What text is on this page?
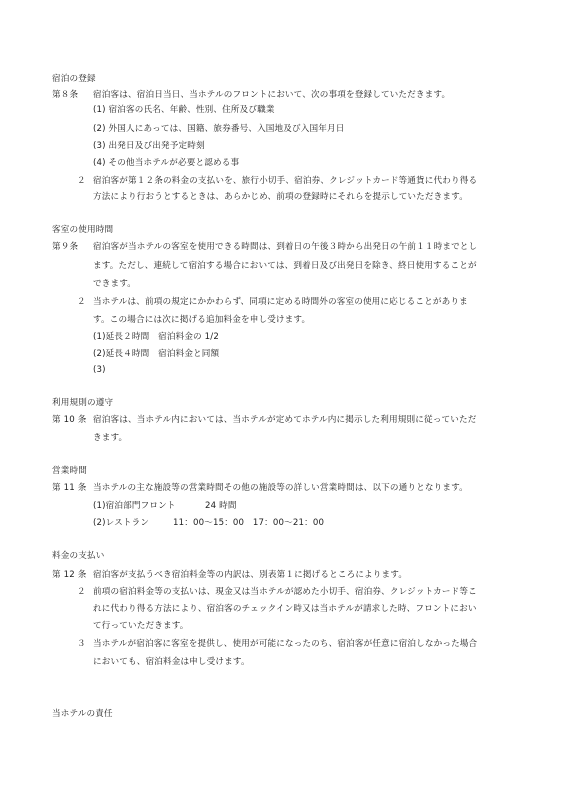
宿泊の登録
第８条 宿泊客は、宿泊日当日、当ホテルのフロントにおいて、次の事項を登録していただきます。
(1) 宿泊客の氏名、年齢、性別、住所及び職業
(2) 外国人にあっては、国籍、旅券番号、入国地及び入国年月日
(3) 出発日及び出発予定時刻
(4) その他当ホテルが必要と認める事
２ 宿泊客が第１２条の料金の支払いを、旅行小切手、宿泊券、クレジットカード等通貨に代わり得る
方法により行おうとするときは、あらかじめ、前項の登録時にそれらを提示していただきます。
客室の使用時間
第９条 宿泊客が当ホテルの客室を使用できる時間は、到着日の午後３時から出発日の午前１１時までとし
ます。ただし、連続して宿泊する場合においては、到着日及び出発日を除き、終日使用することが
できます。
２ 当ホテルは、前項の規定にかかわらず、同項に定める時間外の客室の使用に応じることがありま
す。この場合には次に掲げる追加料金を申し受けます。
(1)延長２時間　宿泊料金の 1/2
(2)延長４時間　宿泊料金と同額
(3)
利用規則の遵守
第 10 条 宿泊客は、当ホテル内においては、当ホテルが定めてホテル内に掲示した利用規則に従っていただ
きます。
営業時間
第 11 条 当ホテルの主な施設等の営業時間その他の施設等の詳しい営業時間は、以下の通りとなります。
(1)宿泊部門フロント	24 時間
(2)レストラン	11：00～15：00　17：00～21：00
料金の支払い
第 12 条 宿泊客が支払うべき宿泊料金等の内訳は、別表第１に掲げるところによります。
２ 前項の宿泊料金等の支払いは、現金又は当ホテルが認めた小切手、宿泊券、クレジットカード等こ
れに代わり得る方法により、宿泊客のチェックイン時又は当ホテルが請求した時、フロントにおい
て行っていただきます。
３ 当ホテルが宿泊客に客室を提供し、使用が可能になったのち、宿泊客が任意に宿泊しなかった場合
においても、宿泊料金は申し受けます。
当ホテルの責任
